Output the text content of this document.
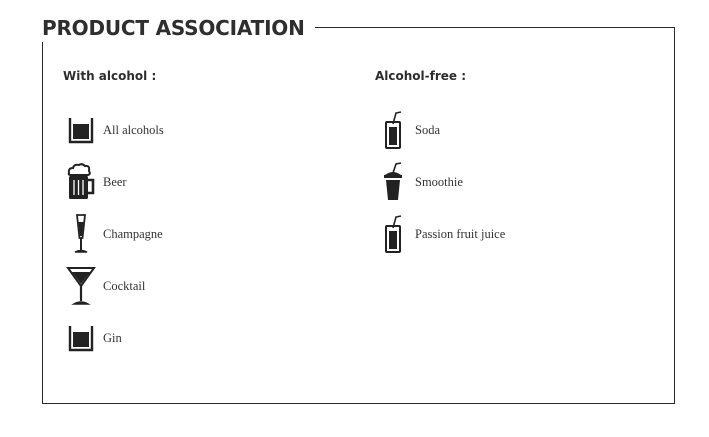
PRODUCT ASSOCIATION
With alcohol :
All alcohols
Beer
Champagne
Cocktail
Gin
Alcohol-free :
Soda
Smoothie
Passion fruit juice
